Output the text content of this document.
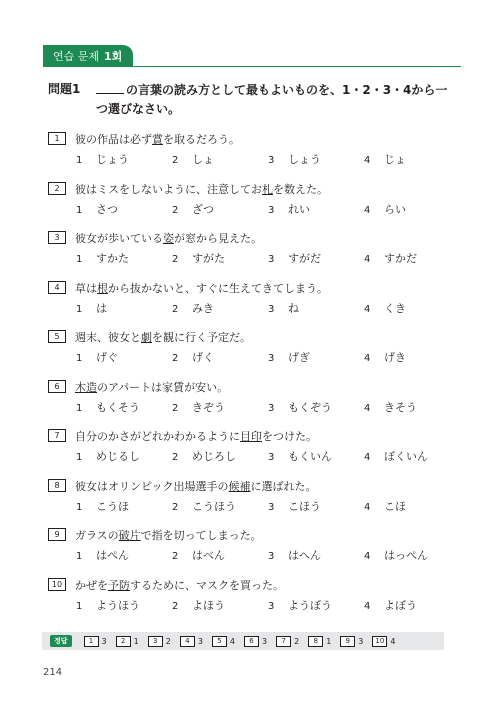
연습 문제 1회
問題1	の言葉の読み方として最もよいものを、1・2・3・4から一つ選びなさい。
1	彼の作品は必ず賞を取るだろう。
1 じょう	2 しょ	3 しょう	4 じょ
2	彼はミスをしないように、注意してお札を数えた。
1 さつ	2 ざつ	3 れい	4 らい
3	彼女が歩いている姿が窓から見えた。
1 すかた	2 すがた	3 すがだ	4 すかだ
4	草は根から抜かないと、すぐに生えてきてしまう。
1 は	2 みき	3 ね	4 くき
5	週末、彼女と劇を観に行く予定だ。
1 げぐ	2 げく	3 げぎ	4 げき
6	木造のアパートは家賃が安い。
1 もくそう	2 きぞう	3 もくぞう	4 きそう
7	自分のかさがどれかわかるように目印をつけた。
1 めじるし	2 めじろし	3 もくいん	4 ぼくいん
8	彼女はオリンピック出場選手の候補に選ばれた。
1 こうほ	2 こうほう	3 こほう	4 こほ
9	ガラスの破片で指を切ってしまった。
1 はぺん	2 はべん	3 はへん	4 はっぺん
10	かぜを予防するために、マスクを買った。
1 ようほう	2 よほう	3 ようぼう	4 よぼう
정답	1	3	2	1	3	2	4	3	5	4	6	3	7	2	8	1	9	3	10 4
214
